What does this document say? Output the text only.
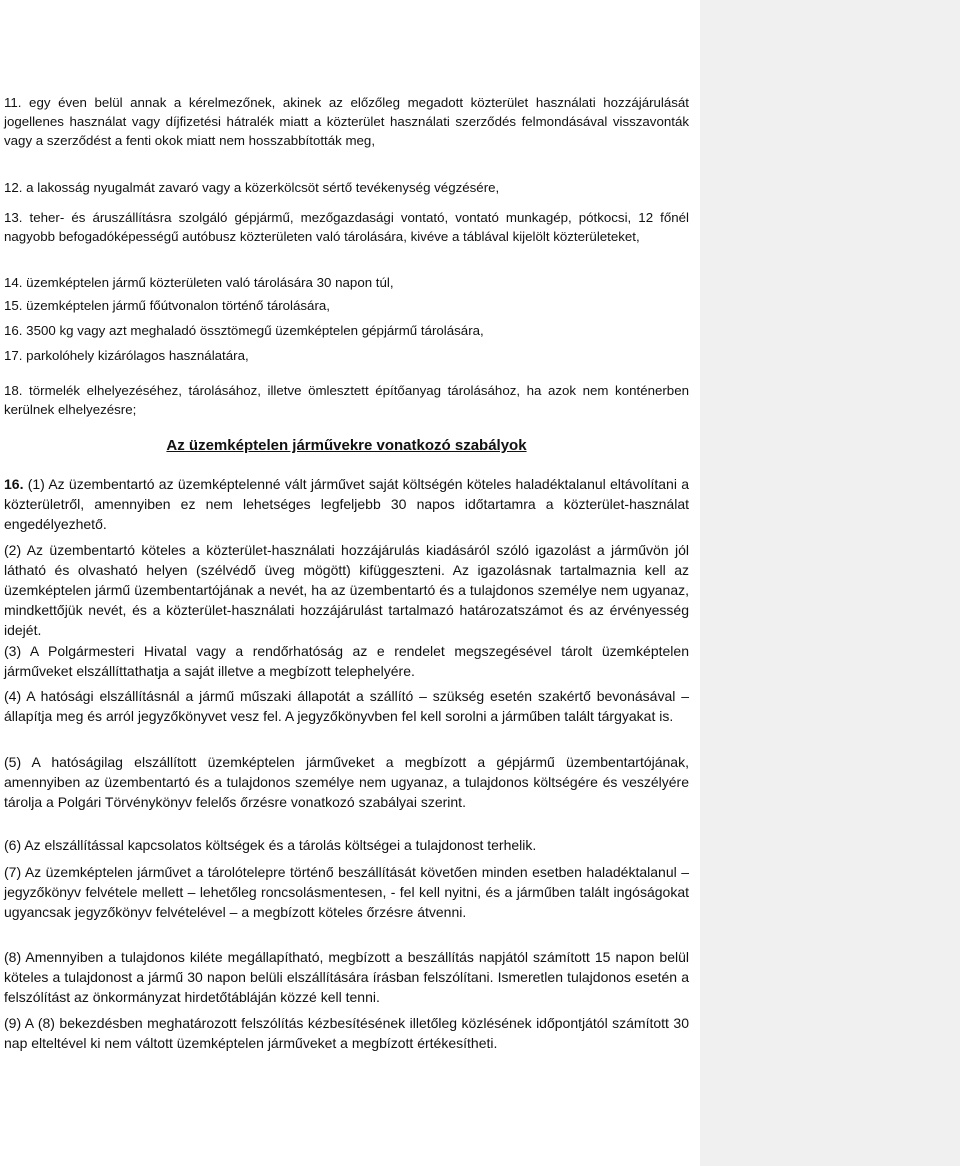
11. egy éven belül annak a kérelmezőnek, akinek az előzőleg megadott közterület használati hozzájárulását jogellenes használat vagy díjfizetési hátralék miatt a közterület használati szerződés felmondásával visszavonták vagy a szerződést a fenti okok miatt nem hosszabbították meg,

12. a lakosság nyugalmát zavaró vagy a közerkölcsöt sértő tevékenység végzésére,

13. teher- és áruszállításra szolgáló gépjármű, mezőgazdasági vontató, vontató munkagép, pótkocsi, 12 főnél nagyobb befogadóképességű autóbusz közterületen való tárolására, kivéve a táblával kijelölt közterületeket,

14. üzemképtelen jármű közterületen való tárolására 30 napon túl,

15. üzemképtelen jármű főútvonalon történő tárolására,

16. 3500 kg vagy azt meghaladó össztömegű üzemképtelen gépjármű tárolására,

17. parkolóhely kizárólagos használatára,

18. törmelék elhelyezéséhez, tárolásához, illetve ömlesztett építőanyag tárolásához, ha azok nem konténerben kerülnek elhelyezésre;

Az üzemképtelen járművekre vonatkozó szabályok

16. (1) Az üzembentartó az üzemképtelenné vált járművet saját költségén köteles haladéktalanul eltávolítani a közterületről, amennyiben ez nem lehetséges legfeljebb 30 napos időtartamra a közterület-használat engedélyezhető.

(2) Az üzembentartó köteles a közterület-használati hozzájárulás kiadásáról szóló igazolást a járművön jól látható és olvasható helyen (szélvédő üveg mögött) kifüggeszteni. Az igazolásnak tartalmaznia kell az üzemképtelen jármű üzembentartójának a nevét, ha az üzembentartó és a tulajdonos személye nem ugyanaz, mindkettőjük nevét, és a közterület-használati hozzájárulást tartalmazó határozatszámot és az érvényesség idejét.

(3) A Polgármesteri Hivatal vagy a rendőrhatóság az e rendelet megszegésével tárolt üzemképtelen járműveket elszállíttathatja a saját illetve a megbízott telephelyére.

(4) A hatósági elszállításnál a jármű műszaki állapotát a szállító – szükség esetén szakértő bevonásával – állapítja meg és arról jegyzőkönyvet vesz fel. A jegyzőkönyvben fel kell sorolni a járműben talált tárgyakat is.

(5) A hatóságilag elszállított üzemképtelen járműveket a megbízott a gépjármű üzembentartójának, amennyiben az üzembentartó és a tulajdonos személye nem ugyanaz, a tulajdonos költségére és veszélyére tárolja a Polgári Törvénykönyv felelős őrzésre vonatkozó szabályai szerint.

(6) Az elszállítással kapcsolatos költségek és a tárolás költségei a tulajdonost terhelik.

(7) Az üzemképtelen járművet a tárolótelepre történő beszállítását követően minden esetben haladéktalanul – jegyzőkönyv felvétele mellett – lehetőleg roncsolásmentesen, - fel kell nyitni, és a járműben talált ingóságokat ugyancsak jegyzőkönyv felvételével – a megbízott köteles őrzésre átvenni.

(8) Amennyiben a tulajdonos kiléte megállapítható, megbízott a beszállítás napjától számított 15 napon belül köteles a tulajdonost a jármű 30 napon belüli elszállítására írásban felszólítani. Ismeretlen tulajdonos esetén a felszólítást az önkormányzat hirdetőtábláján közzé kell tenni.

(9) A (8) bekezdésben meghatározott felszólítás kézbesítésének illetőleg közlésének időpontjától számított 30 nap elteltével ki nem váltott üzemképtelen járműveket a megbízott értékesítheti.
